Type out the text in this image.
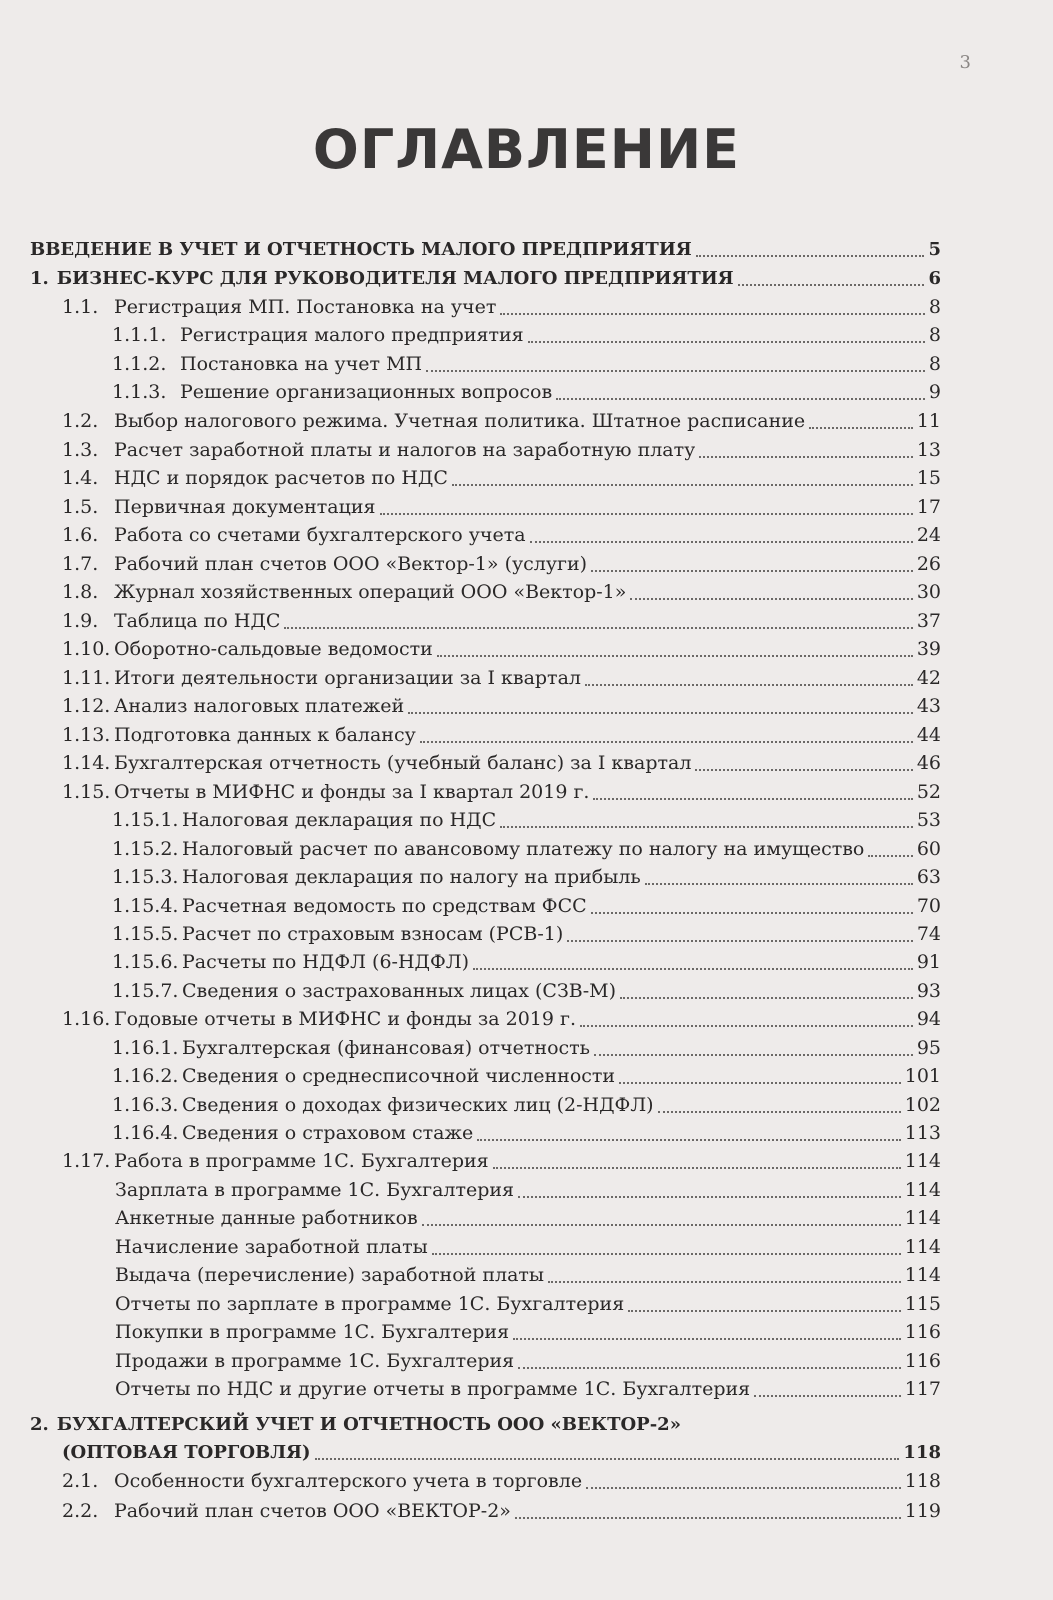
3
ОГЛАВЛЕНИЕ
ВВЕДЕНИЕ В УЧЕТ И ОТЧЕТНОСТЬ МАЛОГО ПРЕДПРИЯТИЯ	5
1. БИЗНЕС-КУРС ДЛЯ РУКОВОДИТЕЛЯ МАЛОГО ПРЕДПРИЯТИЯ	6
1.1. Регистрация МП. Постановка на учет	8
1.1.1. Регистрация малого предприятия	8
1.1.2. Постановка на учет МП	8
1.1.3. Решение организационных вопросов	9
1.2. Выбор налогового режима. Учетная политика. Штатное расписание	11
1.3. Расчет заработной платы и налогов на заработную плату	13
1.4. НДС и порядок расчетов по НДС	15
1.5. Первичная документация	17
1.6. Работа со счетами бухгалтерского учета	24
1.7. Рабочий план счетов ООО «Вектор-1» (услуги)	26
1.8. Журнал хозяйственных операций ООО «Вектор-1»	30
1.9. Таблица по НДС	37
1.10. Оборотно-сальдовые ведомости	39
1.11. Итоги деятельности организации за I квартал	42
1.12. Анализ налоговых платежей	43
1.13. Подготовка данных к балансу	44
1.14. Бухгалтерская отчетность (учебный баланс) за I квартал	46
1.15. Отчеты в МИФНС и фонды за I квартал 2019 г.	52
1.15.1. Налоговая декларация по НДС	53
1.15.2. Налоговый расчет по авансовому платежу по налогу на имущество	60
1.15.3. Налоговая декларация по налогу на прибыль	63
1.15.4. Расчетная ведомость по средствам ФСС	70
1.15.5. Расчет по страховым взносам (РСВ-1)	74
1.15.6. Расчеты по НДФЛ (6-НДФЛ)	91
1.15.7. Сведения о застрахованных лицах (СЗВ-М)	93
1.16. Годовые отчеты в МИФНС и фонды за 2019 г.	94
1.16.1. Бухгалтерская (финансовая) отчетность	95
1.16.2. Сведения о среднесписочной численности	101
1.16.3. Сведения о доходах физических лиц (2-НДФЛ)	102
1.16.4. Сведения о страховом стаже	113
1.17. Работа в программе 1С. Бухгалтерия	114
Зарплата в программе 1С. Бухгалтерия	114
Анкетные данные работников	114
Начисление заработной платы	114
Выдача (перечисление) заработной платы	114
Отчеты по зарплате в программе 1С. Бухгалтерия	115
Покупки в программе 1С. Бухгалтерия	116
Продажи в программе 1С. Бухгалтерия	116
Отчеты по НДС и другие отчеты в программе 1С. Бухгалтерия	117
2. БУХГАЛТЕРСКИЙ УЧЕТ И ОТЧЕТНОСТЬ ООО «ВЕКТОР-2»
(ОПТОВАЯ ТОРГОВЛЯ)	118
2.1. Особенности бухгалтерского учета в торговле	118
2.2. Рабочий план счетов ООО «ВЕКТОР-2»	119
